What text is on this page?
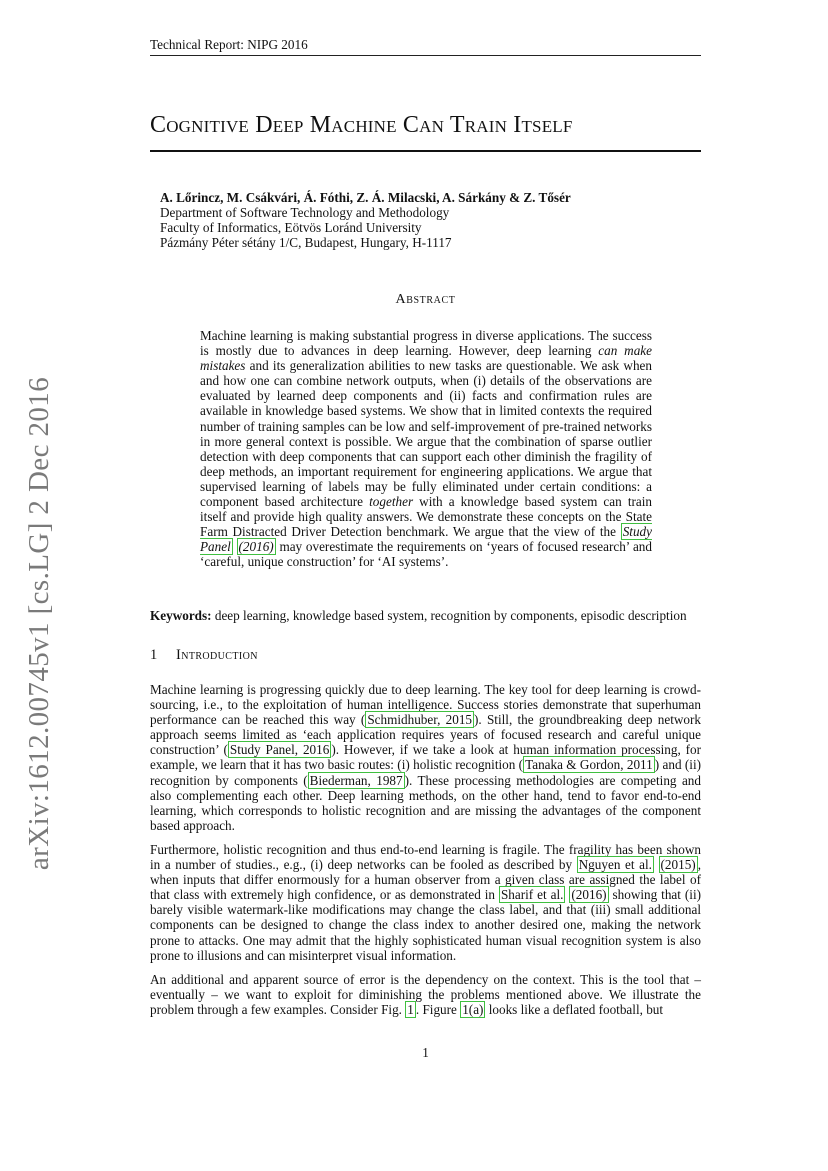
arXiv:1612.00745v1 [cs.LG] 2 Dec 2016
Technical Report: NIPG 2016
Cognitive Deep Machine Can Train Itself
A. Lőrincz, M. Csákvári, Á. Fóthi, Z. Á. Milacski, A. Sárkány & Z. Tősér
Department of Software Technology and Methodology
Faculty of Informatics, Eötvös Loránd University
Pázmány Péter sétány 1/C, Budapest, Hungary, H-1117
Abstract
Machine learning is making substantial progress in diverse applications. The success is mostly due to advances in deep learning. However, deep learning can make mistakes and its generalization abilities to new tasks are questionable. We ask when and how one can combine network outputs, when (i) details of the observations are evaluated by learned deep components and (ii) facts and confirmation rules are available in knowledge based systems. We show that in limited contexts the required number of training samples can be low and self-improvement of pre-trained networks in more general context is possible. We argue that the combination of sparse outlier detection with deep components that can support each other diminish the fragility of deep methods, an important requirement for engineering applications. We argue that supervised learning of labels may be fully eliminated under certain conditions: a component based architecture together with a knowledge based system can train itself and provide high quality answers. We demonstrate these concepts on the State Farm Distracted Driver Detection benchmark. We argue that the view of the Study Panel (2016) may overestimate the requirements on ‘years of focused research’ and ‘careful, unique construction’ for ‘AI systems’.
Keywords: deep learning, knowledge based system, recognition by components, episodic description
1 Introduction
Machine learning is progressing quickly due to deep learning. The key tool for deep learning is crowd-sourcing, i.e., to the exploitation of human intelligence. Success stories demonstrate that superhuman performance can be reached this way ( Schmidhuber, 2015 ). Still, the groundbreaking deep network approach seems limited as ‘each application requires years of focused research and careful unique construction’ ( Study Panel, 2016 ). However, if we take a look at human information processing, for example, we learn that it has two basic routes: (i) holistic recognition ( Tanaka & Gordon, 2011 ) and (ii) recognition by components ( Biederman, 1987 ). These processing methodologies are competing and also complementing each other. Deep learning methods, on the other hand, tend to favor end-to-end learning, which corresponds to holistic recognition and are missing the advantages of the component based approach.
Furthermore, holistic recognition and thus end-to-end learning is fragile. The fragility has been shown in a number of studies., e.g., (i) deep networks can be fooled as described by Nguyen et al. (2015) , when inputs that differ enormously for a human observer from a given class are assigned the label of that class with extremely high confidence, or as demonstrated in Sharif et al. (2016) showing that (ii) barely visible watermark-like modifications may change the class label, and that (iii) small additional components can be designed to change the class index to another desired one, making the network prone to attacks. One may admit that the highly sophisticated human visual recognition system is also prone to illusions and can misinterpret visual information.
An additional and apparent source of error is the dependency on the context. This is the tool that – eventually – we want to exploit for diminishing the problems mentioned above. We illustrate the problem through a few examples. Consider Fig. 1 . Figure 1(a) looks like a deflated football, but
1
